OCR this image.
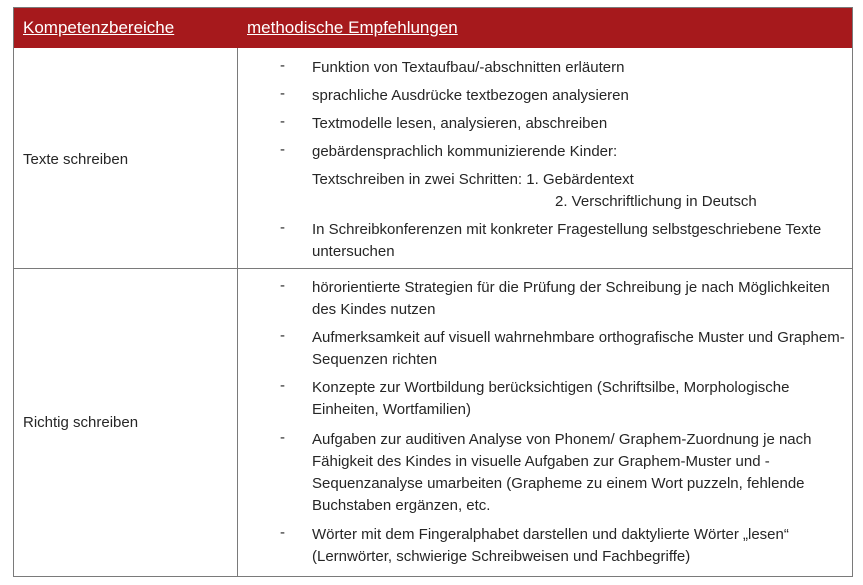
Kompetenzbereiche	methodische Empfehlungen
Texte schreiben
- Funktion von Textaufbau/-abschnitten erläutern
- sprachliche Ausdrücke textbezogen analysieren
- Textmodelle lesen, analysieren, abschreiben
- gebärdensprachlich kommunizierende Kinder:
Textschreiben in zwei Schritten: 1. Gebärdentext
2. Verschriftlichung in Deutsch
- In Schreibkonferenzen mit konkreter Fragestellung selbstgeschriebene Texte untersuchen
Richtig schreiben
- hörorientierte Strategien für die Prüfung der Schreibung je nach Möglichkeiten des Kindes nutzen
- Aufmerksamkeit auf visuell wahrnehmbare orthografische Muster und Graphem-Sequenzen richten
- Konzepte zur Wortbildung berücksichtigen (Schriftsilbe, Morphologische Einheiten, Wortfamilien)
- Aufgaben zur auditiven Analyse von Phonem/ Graphem-Zuordnung je nach Fähigkeit des Kindes in visuelle Aufgaben zur Graphem-Muster und -Sequenzanalyse umarbeiten (Grapheme zu einem Wort puzzeln, fehlende Buchstaben ergänzen, etc.
- Wörter mit dem Fingeralphabet darstellen und daktylierte Wörter „lesen“ (Lernwörter, schwierige Schreibweisen und Fachbegriffe)
